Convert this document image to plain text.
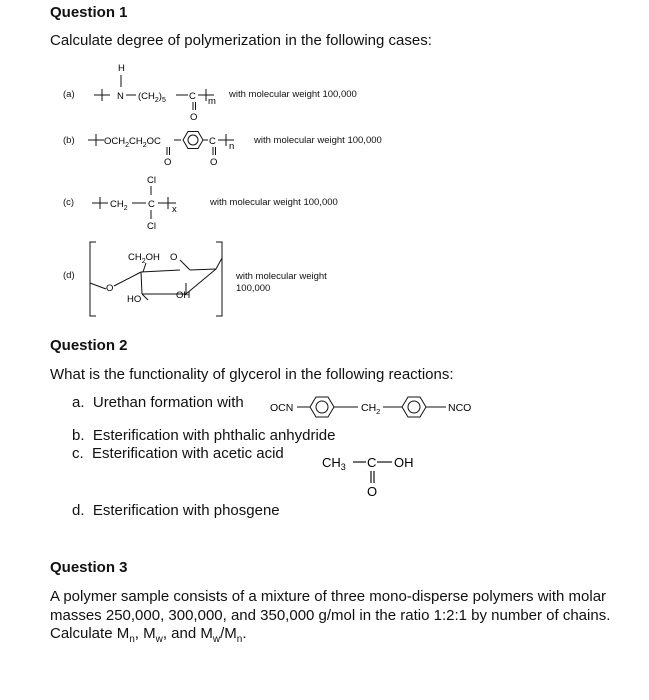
Question 1
Calculate degree of polymerization in the following cases:
(a)
H
N $(CH_2)_5$ C
O
m
with molecular weight 100,000
(b)	$OCH_2CH_2OC$
O
C
O
n
with molecular weight 100,000
(c)	$CH_2$
Cl
C
Cl
x
with molecular weight 100,000
(d)
O
O
$CH_2OH$
OH
HO
with molecular weight
100,000
Question 2
What is the functionality of glycerol in the following reactions:
a. Urethan formation with OCN	$CH_2$	NCO
b. Esterification with phthalic anhydride
c. Esterification with acetic acid
$CH_3$ C OH
O
d. Esterification with phosgene
Question 3
A polymer sample consists of a mixture of three mono-disperse polymers with molar
masses 250,000, 300,000, and 350,000 g/mol in the ratio 1:2:1 by number of chains.
Calculate $M_n$, $M_w$, and $M_w/M_n$.
